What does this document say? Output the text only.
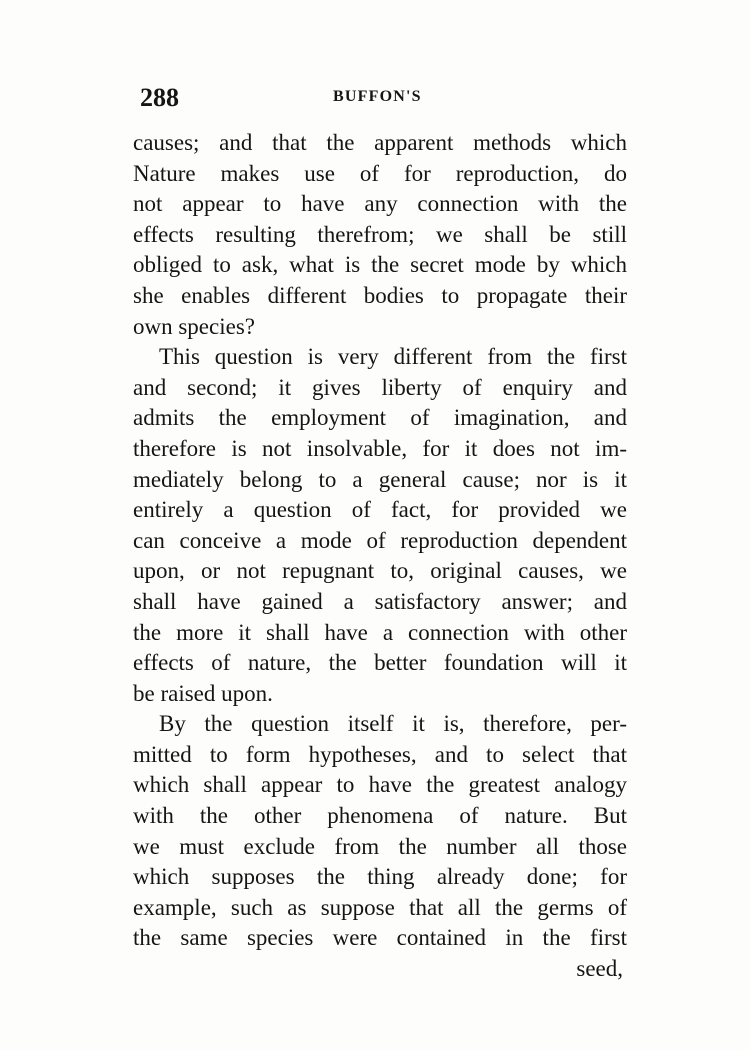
288	BUFFON'S
causes; and that the apparent methods which
Nature makes use of for reproduction, do
not appear to have any connection with the
effects resulting therefrom; we shall be still
obliged to ask, what is the secret mode by which
she enables different bodies to propagate their
own species?
This question is very different from the first
and second; it gives liberty of enquiry and
admits the employment of imagination, and
therefore is not insolvable, for it does not im-
mediately belong to a general cause; nor is it
entirely a question of fact, for provided we
can conceive a mode of reproduction dependent
upon, or not repugnant to, original causes, we
shall have gained a satisfactory answer; and
the more it shall have a connection with other
effects of nature, the better foundation will it
be raised upon.
By the question itself it is, therefore, per-
mitted to form hypotheses, and to select that
which shall appear to have the greatest analogy
with the other phenomena of nature. But
we must exclude from the number all those
which supposes the thing already done; for
example, such as suppose that all the germs of
the same species were contained in the first
seed,
